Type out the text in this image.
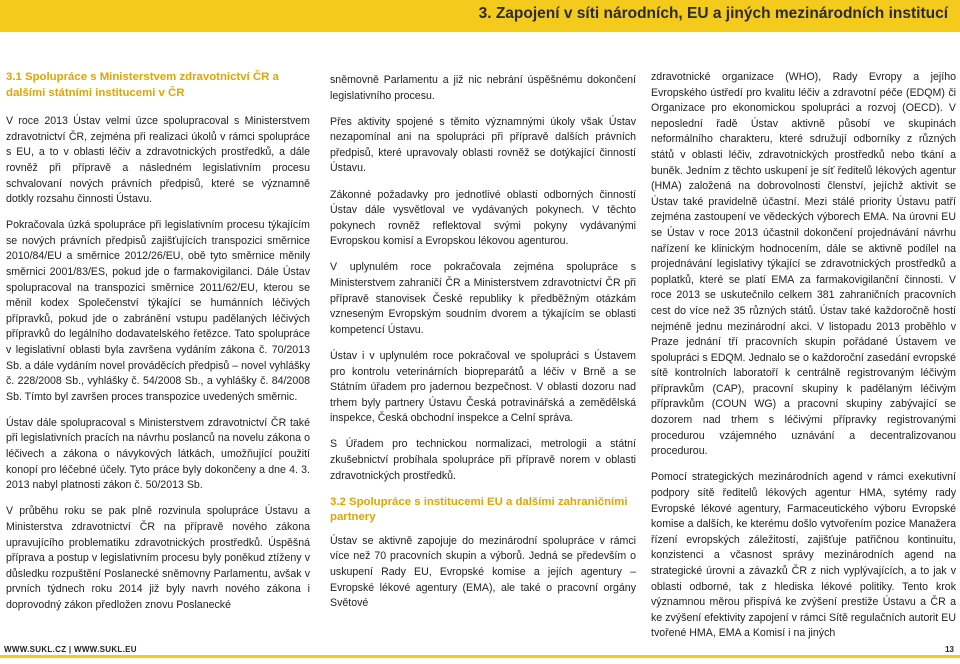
3. Zapojení v síti národních, EU a jiných mezinárodních institucí
3.1 Spolupráce s Ministerstvem zdravotnictví ČR a dalšími státními institucemi v ČR

V roce 2013 Ústav velmi úzce spolupracoval s Ministerstvem zdravotnictví ČR, zejména při realizaci úkolů v rámci spolupráce s EU, a to v oblasti léčiv a zdravotnických prostředků, a dále rovněž při přípravě a následném legislativním procesu schvalovaní nových právních předpisů, které se významně dotkly rozsahu činnosti Ústavu.

Pokračovala úzká spolupráce při legislativním procesu týkajícím se nových právních předpisů zajišťujících transpozici směrnice 2010/84/EU a směrnice 2012/26/EU, obě tyto směrnice měnily směrnici 2001/83/ES, pokud jde o farmakovigilanci. Dále Ústav spolupracoval na transpozici směrnice 2011/62/EU, kterou se měnil kodex Společenství týkající se humánních léčivých přípravků, pokud jde o zabránění vstupu padělaných léčivých přípravků do legálního dodavatelského řetězce. Tato spolupráce v legislativní oblasti byla završena vydáním zákona č. 70/2013 Sb. a dále vydáním novel prováděcích předpisů – novel vyhlášky č. 228/2008 Sb., vyhlášky č. 54/2008 Sb., a vyhlášky č. 84/2008 Sb. Tímto byl završen proces transpozice uvedených směrnic.

Ústav dále spolupracoval s Ministerstvem zdravotnictví ČR také při legislativních pracích na návrhu poslanců na novelu zákona o léčivech a zákona o návykových látkách, umožňující použití konopí pro léčebné účely. Tyto práce byly dokončeny a dne 4. 3. 2013 nabyl platnosti zákon č. 50/2013 Sb.

V průběhu roku se pak plně rozvinula spolupráce Ústavu a Ministerstva zdravotnictví ČR na přípravě nového zákona upravujícího problematiku zdravotnických prostředků. Úspěšná příprava a postup v legislativním procesu byly poněkud ztíženy v důsledku rozpuštění Poslanecké sněmovny Parlamentu, avšak v prvních týdnech roku 2014 již byly navrh nového zákona i doprovodný zákon předložen znovu Poslanecké

sněmovně Parlamentu a již nic nebrání úspěšnému dokončení legislativního procesu.

Přes aktivity spojené s těmito významnými úkoly však Ústav nezapomínal ani na spolupráci při přípravě dalších právních předpisů, které upravovaly oblasti rovněž se dotýkající činností Ústavu.

Zákonné požadavky pro jednotlivé oblasti odborných činností Ústav dále vysvětloval ve vydávaných pokynech. V těchto pokynech rovněž reflektoval svými pokyny vydávanými Evropskou komisí a Evropskou lékovou agenturou.

V uplynulém roce pokračovala zejména spolupráce s Ministerstvem zahraničí ČR a Ministerstvem zdravotnictví ČR při přípravě stanovisek České republiky k předběžným otázkám vzneseným Evropským soudním dvorem a týkajícím se oblasti kompetencí Ústavu.

Ústav i v uplynulém roce pokračoval ve spolupráci s Ústavem pro kontrolu veterinárních biopreparátů a léčiv v Brně a se Státním úřadem pro jadernou bezpečnost. V oblasti dozoru nad trhem byly partnery Ústavu Česká potravinářská a zemědělská inspekce, Česká obchodní inspekce a Celní správa.

S Úřadem pro technickou normalizaci, metrologii a státní zkušebnictví probíhala spolupráce při přípravě norem v oblasti zdravotnických prostředků.

3.2 Spolupráce s institucemi EU a dalšími zahraničními partnery

Ústav se aktivně zapojuje do mezinárodní spolupráce v rámci více než 70 pracovních skupin a výborů. Jedná se především o uskupení Rady EU, Evropské komise a jejích agentury – Evropské lékové agentury (EMA), ale také o pracovní orgány Světové

zdravotnické organizace (WHO), Rady Evropy a jejího Evropského ústředí pro kvalitu léčiv a zdravotní péče (EDQM) či Organizace pro ekonomickou spolupráci a rozvoj (OECD). V neposlední řadě Ústav aktivně působí ve skupinách neformálního charakteru, které sdružují odborníky z různých států v oblasti léčiv, zdravotnických prostředků nebo tkání a buněk. Jedním z těchto uskupení je síť ředitelů lékových agentur (HMA) založená na dobrovolnosti členství, jejíchž aktivit se Ústav také pravidelně účastní. Mezi stálé priority Ústavu patří zejména zastoupení ve vědeckých výborech EMA. Na úrovni EU se Ústav v roce 2013 účastnil dokončení projednávání návrhu nařízení ke klinickým hodnocením, dále se aktivně podílel na projednávání legislativy týkající se zdravotnických prostředků a poplatků, které se platí EMA za farmakovigilanční činnosti. V roce 2013 se uskutečnilo celkem 381 zahraničních pracovních cest do více než 35 různých států. Ústav také každoročně hostí nejméně jednu mezinárodní akci. V listopadu 2013 proběhlo v Praze jednání tří pracovních skupin pořádané Ústavem ve spolupráci s EDQM. Jednalo se o každoroční zasedání evropské sítě kontrolních laboratoří k centrálně registrovaným léčivým přípravkům (CAP), pracovní skupiny k padělaným léčivým přípravkům (COUN WG) a pracovní skupiny zabývající se dozorem nad trhem s léčivými přípravky registrovanými procedurou vzájemného uznávání a decentralizovanou procedurou.

Pomocí strategických mezinárodních agend v rámci exekutivní podpory sítě ředitelů lékových agentur HMA, sytémy rady Evropské lékové agentury, Farmaceutického výboru Evropské komise a dalších, ke kterému došlo vytvořením pozice Manažera řízení evropských záležitostí, zajišťuje patřičnou kontinuitu, konzistenci a včasnost správy mezinárodních agend na strategické úrovni a závazků ČR z nich vyplývajících, a to jak v oblasti odborné, tak z hlediska lékové politiky. Tento krok významnou měrou přispívá ke zvýšení prestiže Ústavu a ČR a ke zvýšení efektivity zapojení v rámci Sítě regulačních autorit EU tvořené HMA, EMA a Komisí i na jiných

WWW.SUKL.CZ | WWW.SUKL.EU	13
